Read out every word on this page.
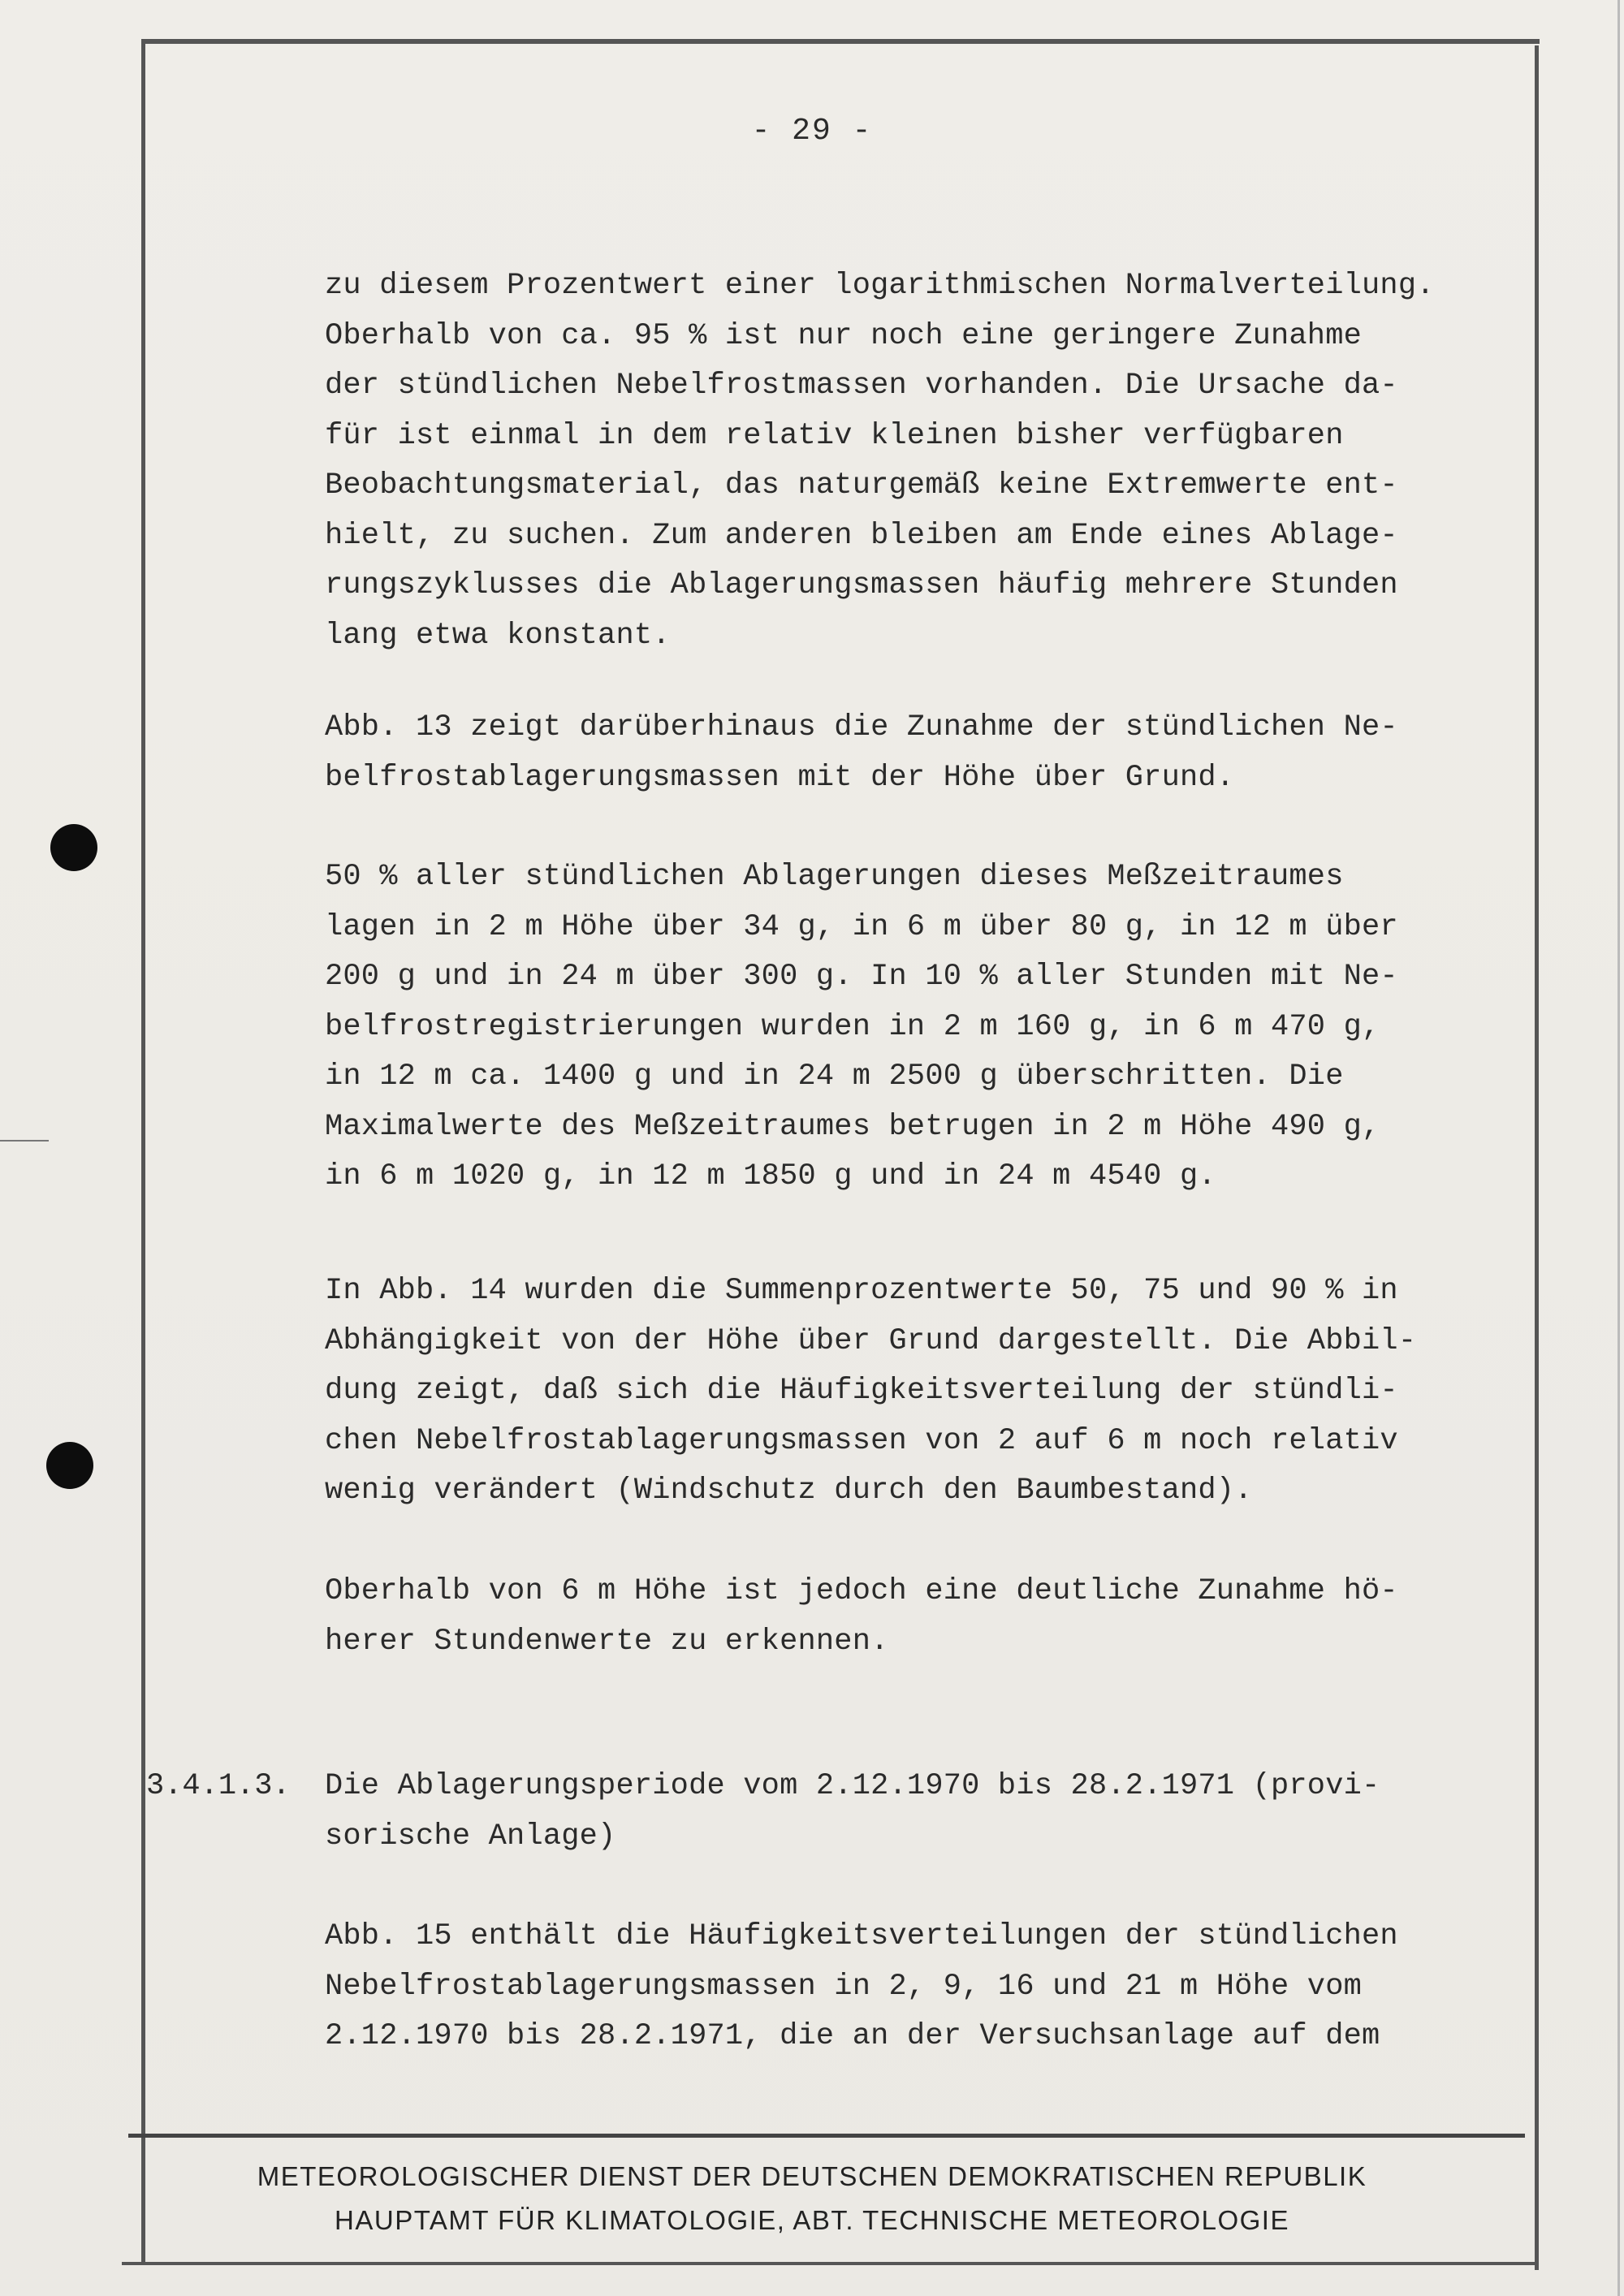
- 29 -
zu diesem Prozentwert einer logarithmischen Normalverteilung.
Oberhalb von ca. 95 % ist nur noch eine geringere Zunahme
der stündlichen Nebelfrostmassen vorhanden. Die Ursache da-
für ist einmal in dem relativ kleinen bisher verfügbaren
Beobachtungsmaterial, das naturgemäß keine Extremwerte ent-
hielt, zu suchen. Zum anderen bleiben am Ende eines Ablage-
rungszyklusses die Ablagerungsmassen häufig mehrere Stunden
lang etwa konstant.
Abb. 13 zeigt darüberhinaus die Zunahme der stündlichen Ne-
belfrostablagerungsmassen mit der Höhe über Grund.
50 % aller stündlichen Ablagerungen dieses Meßzeitraumes
lagen in 2 m Höhe über 34 g, in 6 m über 80 g, in 12 m über
200 g und in 24 m über 300 g. In 10 % aller Stunden mit Ne-
belfrostregistrierungen wurden in 2 m 160 g, in 6 m 470 g,
in 12 m ca. 1400 g und in 24 m 2500 g überschritten. Die
Maximalwerte des Meßzeitraumes betrugen in 2 m Höhe 490 g,
in 6 m 1020 g, in 12 m 1850 g und in 24 m 4540 g.
In Abb. 14 wurden die Summenprozentwerte 50, 75 und 90 % in
Abhängigkeit von der Höhe über Grund dargestellt. Die Abbil-
dung zeigt, daß sich die Häufigkeitsverteilung der stündli-
chen Nebelfrostablagerungsmassen von 2 auf 6 m noch relativ
wenig verändert (Windschutz durch den Baumbestand).
Oberhalb von 6 m Höhe ist jedoch eine deutliche Zunahme hö-
herer Stundenwerte zu erkennen.
3.4.1.3. Die Ablagerungsperiode vom 2.12.1970 bis 28.2.1971 (provi-
sorische Anlage)
Abb. 15 enthält die Häufigkeitsverteilungen der stündlichen
Nebelfrostablagerungsmassen in 2, 9, 16 und 21 m Höhe vom
2.12.1970 bis 28.2.1971, die an der Versuchsanlage auf dem
METEOROLOGISCHER DIENST DER DEUTSCHEN DEMOKRATISCHEN REPUBLIK
HAUPTAMT FÜR KLIMATOLOGIE, ABT. TECHNISCHE METEOROLOGIE
